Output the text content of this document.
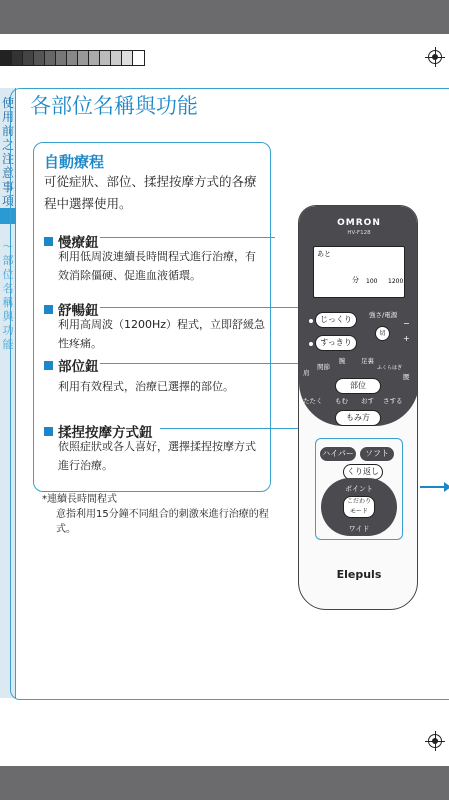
使用前之注意事項
〜部位名稱與功能
各部位名稱與功能
自動療程
可從症狀、部位、揉捏按摩方式的各療程中選擇使用。
慢療鈕
利用低周波連續長時間程式進行治療，有效消除僵硬、促進血液循環。
舒暢鈕
利用高周波（1200Hz）程式，立即舒緩急性疼痛。
部位鈕
利用有效程式，治療已選擇的部位。
揉捏按摩方式鈕
依照症狀或各人喜好，選擇揉捏按摩方式進行治療。
*連續長時間程式
意指利用15分鐘不同組合的刺激來進行治療的程式。
OMRON
HV-F128
あと
分 100 1200
じっくり
すっきり
強さ/電源
切
−
+
肩
腕 足裏
ふくらはぎ
関節
腰
部位
たたく もむ おす さする
もみ方
ハイパー	ソフト
くり返し
ポイント
こだわり モード
ワイド
Elepuls
